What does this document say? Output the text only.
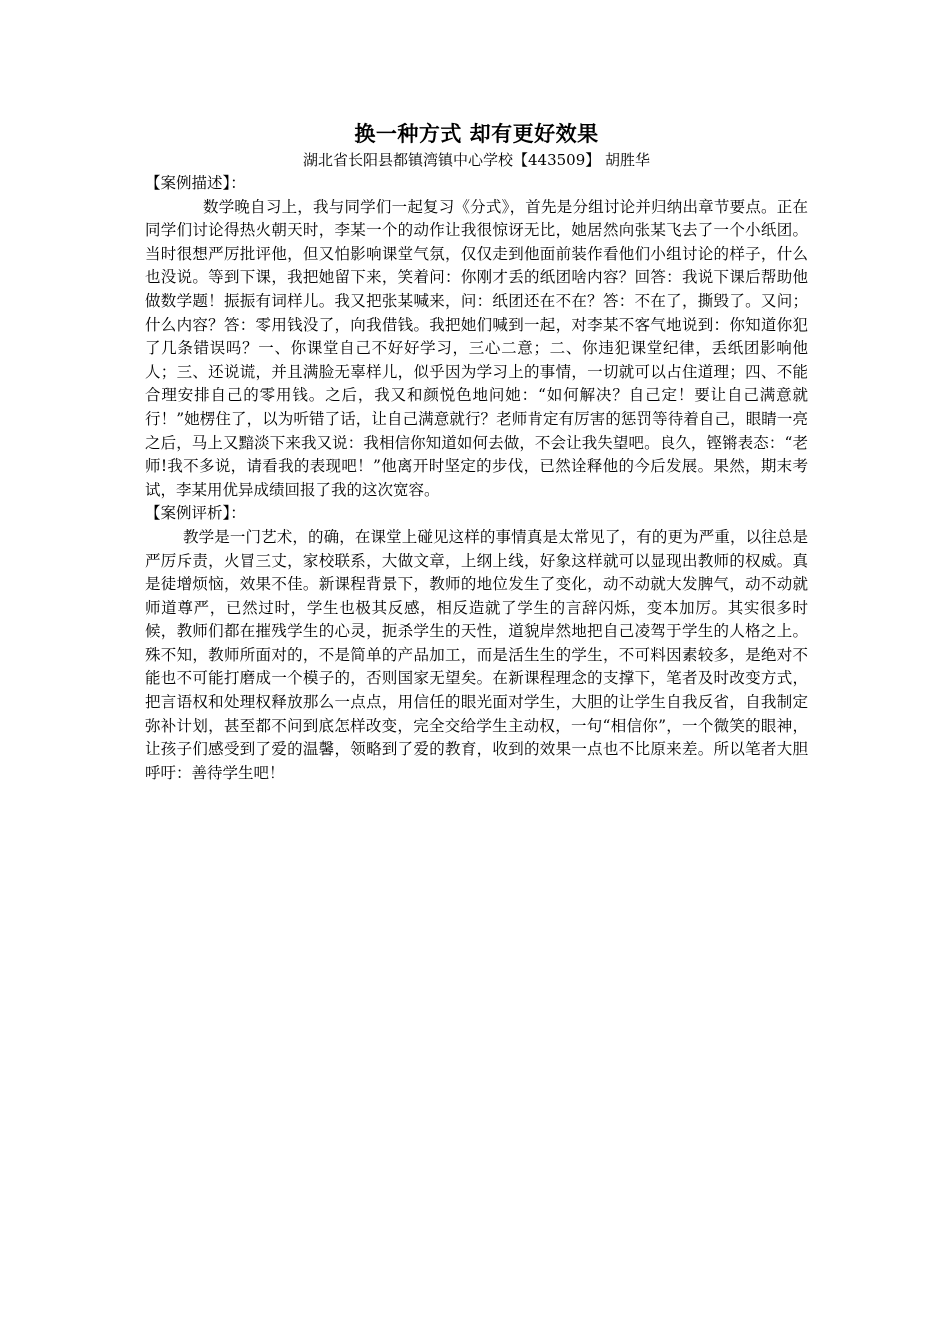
换一种方式 却有更好效果

湖北省长阳县都镇湾镇中心学校【443509】 胡胜华

【案例描述】：

数学晚自习上，我与同学们一起复习《分式》，首先是分组讨论并归纳出章节要点。正在同学们讨论得热火朝天时，李某一个的动作让我很惊讶无比，她居然向张某飞去了一个小纸团。当时很想严厉批评他，但又怕影响课堂气氛，仅仅走到他面前装作看他们小组讨论的样子，什么也没说。等到下课，我把她留下来，笑着问：你刚才丢的纸团啥内容？回答：我说下课后帮助他做数学题！振振有词样儿。我又把张某喊来，问：纸团还在不在？答：不在了，撕毁了。又问；什么内容？答：零用钱没了，向我借钱。我把她们喊到一起，对李某不客气地说到：你知道你犯了几条错误吗？一、你课堂自己不好好学习，三心二意；二、你违犯课堂纪律，丢纸团影响他人；三、还说谎，并且满脸无辜样儿，似乎因为学习上的事情，一切就可以占住道理；四、不能合理安排自己的零用钱。之后，我又和颜悦色地问她：“如何解决？自己定！要让自己满意就行！”她楞住了，以为听错了话，让自己满意就行？老师肯定有厉害的惩罚等待着自己，眼睛一亮之后，马上又黯淡下来我又说：我相信你知道如何去做，不会让我失望吧。良久，铿锵表态：“老师!我不多说，请看我的表现吧！”他离开时坚定的步伐，已然诠释他的今后发展。果然，期末考试，李某用优异成绩回报了我的这次宽容。

【案例评析】：

教学是一门艺术，的确，在课堂上碰见这样的事情真是太常见了，有的更为严重，以往总是严厉斥责，火冒三丈，家校联系，大做文章，上纲上线，好象这样就可以显现出教师的权威。真是徒增烦恼，效果不佳。新课程背景下，教师的地位发生了变化，动不动就大发脾气，动不动就师道尊严，已然过时，学生也极其反感，相反造就了学生的言辞闪烁，变本加厉。其实很多时候，教师们都在摧残学生的心灵，扼杀学生的天性，道貌岸然地把自己凌驾于学生的人格之上。殊不知，教师所面对的，不是简单的产品加工，而是活生生的学生，不可料因素较多，是绝对不能也不可能打磨成一个模子的，否则国家无望矣。在新课程理念的支撑下，笔者及时改变方式，把言语权和处理权释放那么一点点，用信任的眼光面对学生，大胆的让学生自我反省，自我制定弥补计划，甚至都不问到底怎样改变，完全交给学生主动权，一句“相信你”，一个微笑的眼神，让孩子们感受到了爱的温馨，领略到了爱的教育，收到的效果一点也不比原来差。所以笔者大胆呼吁：善待学生吧！
